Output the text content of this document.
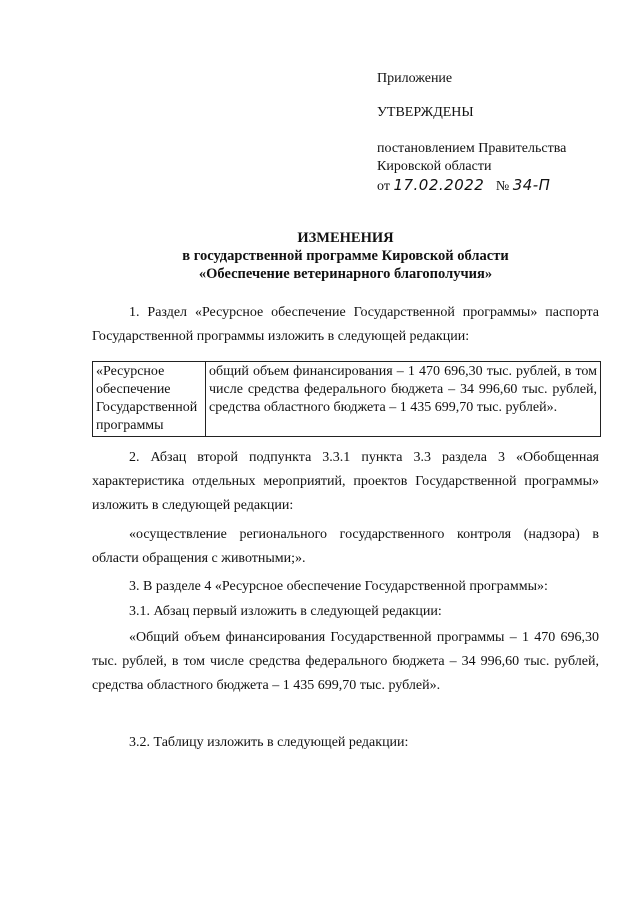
Приложение
УТВЕРЖДЕНЫ
постановлением Правительства
Кировской области
от 17.02.2022 № 34-П
ИЗМЕНЕНИЯ
в государственной программе Кировской области
«Обеспечение ветеринарного благополучия»
1. Раздел «Ресурсное обеспечение Государственной программы» паспорта Государственной программы изложить в следующей редакции:
«Ресурсное обеспечение Государственной программы	общий объем финансирования – 1 470 696,30 тыс. рублей, в том числе средства федерального бюджета – 34 996,60 тыс. рублей, средства областного бюджета – 1 435 699,70 тыс. рублей».
2. Абзац второй подпункта 3.3.1 пункта 3.3 раздела 3 «Обобщенная характеристика отдельных мероприятий, проектов Государственной программы» изложить в следующей редакции:
«осуществление регионального государственного контроля (надзора) в области обращения с животными;».
3. В разделе 4 «Ресурсное обеспечение Государственной программы»:
3.1. Абзац первый изложить в следующей редакции:
«Общий объем финансирования Государственной программы – 1 470 696,30 тыс. рублей, в том числе средства федерального бюджета – 34 996,60 тыс. рублей, средства областного бюджета – 1 435 699,70 тыс. рублей».
3.2. Таблицу изложить в следующей редакции:
